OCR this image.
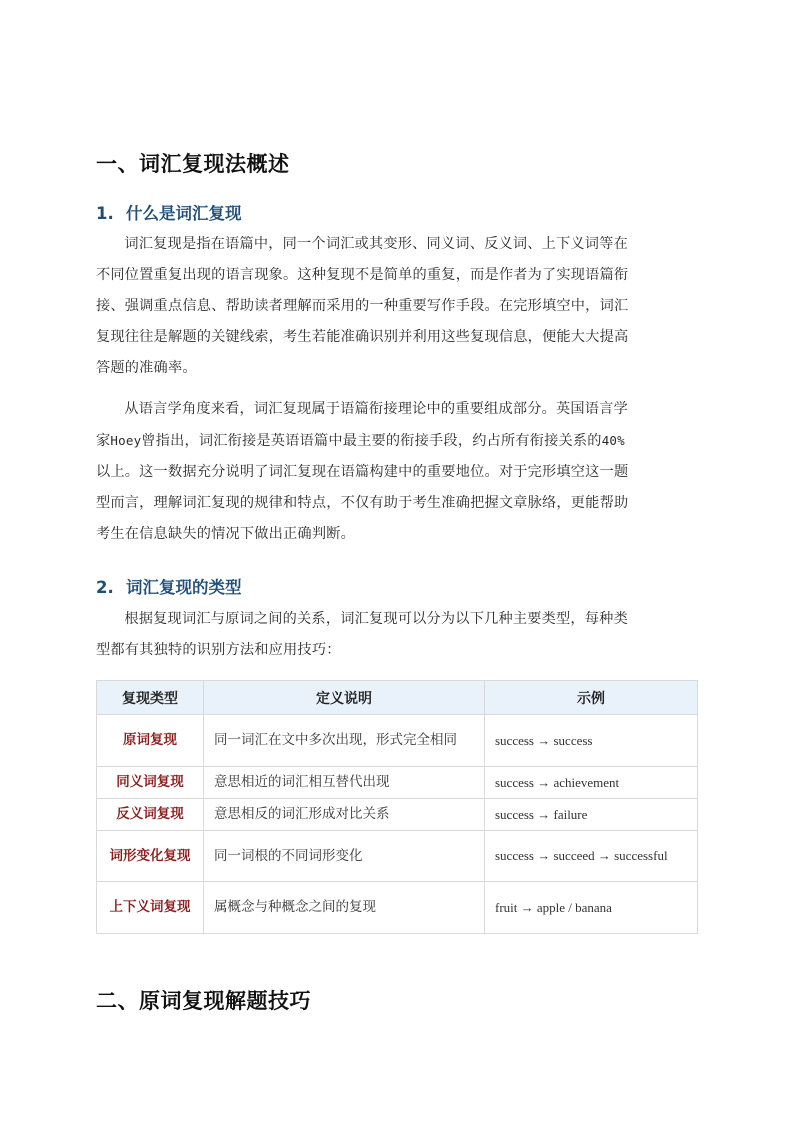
一、词汇复现法概述
1. 什么是词汇复现
词汇复现是指在语篇中，同一个词汇或其变形、同义词、反义词、上下义词等在
不同位置重复出现的语言现象。这种复现不是简单的重复，而是作者为了实现语篇衔
接、强调重点信息、帮助读者理解而采用的一种重要写作手段。在完形填空中，词汇
复现往往是解题的关键线索，考生若能准确识别并利用这些复现信息，便能大大提高
答题的准确率。
从语言学角度来看，词汇复现属于语篇衔接理论中的重要组成部分。英国语言学
家Hoey曾指出，词汇衔接是英语语篇中最主要的衔接手段，约占所有衔接关系的40%
以上。这一数据充分说明了词汇复现在语篇构建中的重要地位。对于完形填空这一题
型而言，理解词汇复现的规律和特点，不仅有助于考生准确把握文章脉络，更能帮助
考生在信息缺失的情况下做出正确判断。
2. 词汇复现的类型
根据复现词汇与原词之间的关系，词汇复现可以分为以下几种主要类型，每种类
型都有其独特的识别方法和应用技巧：
复现类型	定义说明	示例
原词复现	同一词汇在文中多次出现，形式完全相同	success → success
同义词复现	意思相近的词汇相互替代出现	success → achievement
反义词复现	意思相反的词汇形成对比关系	success → failure
词形变化复现	同一词根的不同词形变化	success → succeed → successful
上下义词复现	属概念与种概念之间的复现	fruit → apple / banana
二、原词复现解题技巧
